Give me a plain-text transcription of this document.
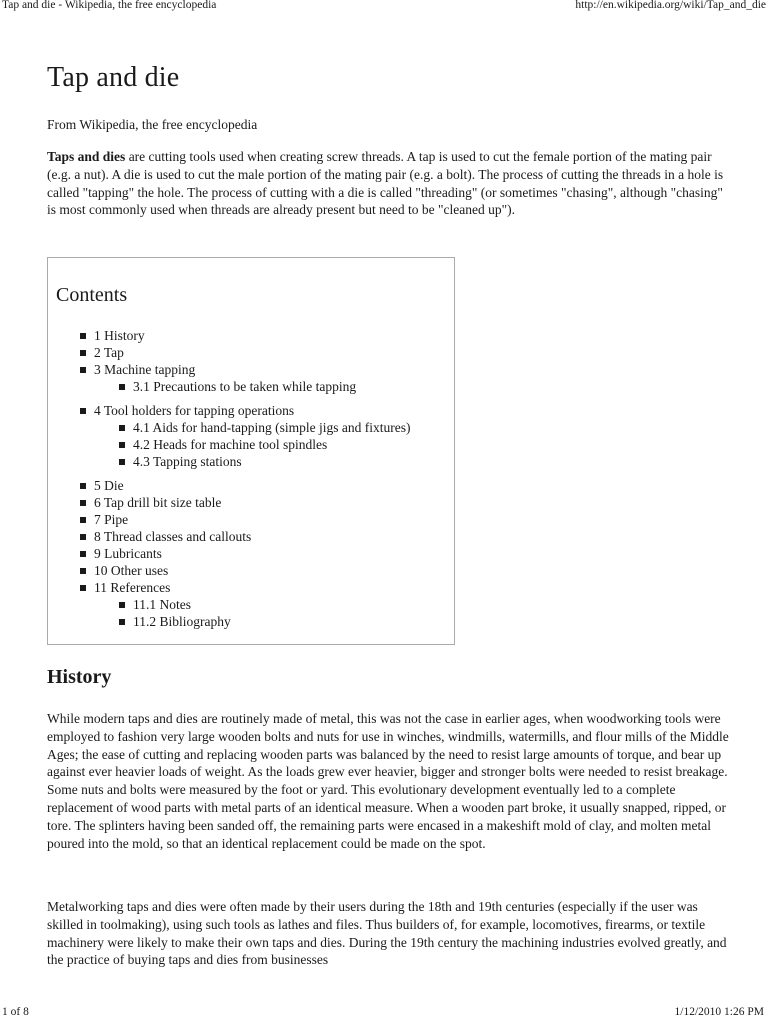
Tap and die - Wikipedia, the free encyclopedia	http://en.wikipedia.org/wiki/Tap_and_die
Tap and die
From Wikipedia, the free encyclopedia

Taps and dies are cutting tools used when creating screw threads. A tap is used to cut the female portion of the mating pair (e.g. a nut). A die is used to cut the male portion of the mating pair (e.g. a bolt). The process of cutting the threads in a hole is called "tapping" the hole. The process of cutting with a die is called "threading" (or sometimes "chasing", although "chasing" is most commonly used when threads are already present but need to be "cleaned up").

Contents
1 History
2 Tap
3 Machine tapping
3.1 Precautions to be taken while tapping
4 Tool holders for tapping operations
4.1 Aids for hand-tapping (simple jigs and fixtures)
4.2 Heads for machine tool spindles
4.3 Tapping stations
5 Die
6 Tap drill bit size table
7 Pipe
8 Thread classes and callouts
9 Lubricants
10 Other uses
11 References
11.1 Notes
11.2 Bibliography
History

While modern taps and dies are routinely made of metal, this was not the case in earlier ages, when woodworking tools were employed to fashion very large wooden bolts and nuts for use in winches, windmills, watermills, and flour mills of the Middle Ages; the ease of cutting and replacing wooden parts was balanced by the need to resist large amounts of torque, and bear up against ever heavier loads of weight. As the loads grew ever heavier, bigger and stronger bolts were needed to resist breakage. Some nuts and bolts were measured by the foot or yard. This evolutionary development eventually led to a complete replacement of wood parts with metal parts of an identical measure. When a wooden part broke, it usually snapped, ripped, or tore. The splinters having been sanded off, the remaining parts were encased in a makeshift mold of clay, and molten metal poured into the mold, so that an identical replacement could be made on the spot.

Metalworking taps and dies were often made by their users during the 18th and 19th centuries (especially if the user was skilled in toolmaking), using such tools as lathes and files. Thus builders of, for example, locomotives, firearms, or textile machinery were likely to make their own taps and dies. During the 19th century the machining industries evolved greatly, and the practice of buying taps and dies from businesses

1 of 8	1/12/2010 1:26 PM
